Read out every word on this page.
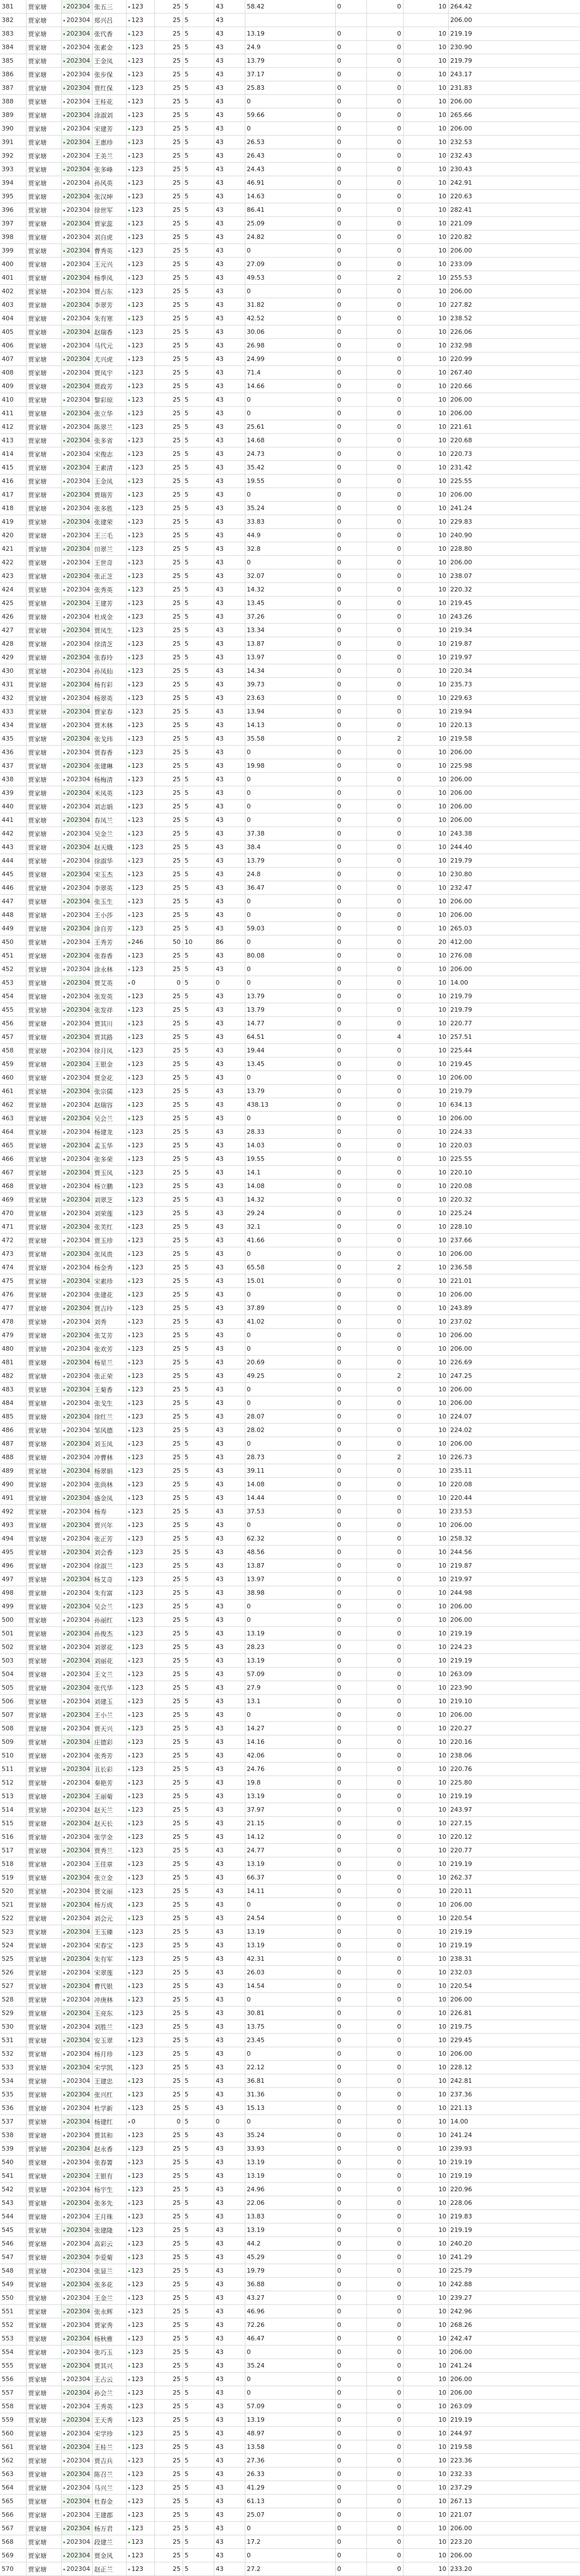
381	贾家塘	202304	张五三	123	25	5	43	58.42	0	0	10	264.42
382	贾家塘	202304	郑兴吕	123	25	5	43					206.00
383	贾家塘	202304	张代香	123	25	5	43	13.19	0	0	10	219.19
384	贾家塘	202304	张素金	123	25	5	43	24.9	0	0	10	230.90
385	贾家塘	202304	王金凤	123	25	5	43	13.79	0	0	10	219.79
386	贾家塘	202304	张步保	123	25	5	43	37.17	0	0	10	243.17
387	贾家塘	202304	贾红保	123	25	5	43	25.83	0	0	10	231.83
388	贾家塘	202304	王桂花	123	25	5	43	0	0	0	10	206.00
389	贾家塘	202304	涂淑刘	123	25	5	43	59.66	0	0	10	265.66
390	贾家塘	202304	宋建芳	123	25	5	43	0	0	0	10	206.00
391	贾家塘	202304	王惠珍	123	25	5	43	26.53	0	0	10	232.53
392	贾家塘	202304	王美兰	123	25	5	43	26.43	0	0	10	232.43
393	贾家塘	202304	张多峰	123	25	5	43	24.43	0	0	10	230.43
394	贾家塘	202304	孙风英	123	25	5	43	46.91	0	0	10	242.91
395	贾家塘	202304	张汉坤	123	25	5	43	14.63	0	0	10	220.63
396	贾家塘	202304	徐世军	123	25	5	43	86.41	0	0	10	282.41
397	贾家塘	202304	贾家蕊	123	25	5	43	25.09	0	0	10	221.09
398	贾家塘	202304	刘自虎	123	25	5	43	24.82	0	0	10	220.82
399	贾家塘	202304	曹秀英	123	25	5	43	0	0	0	10	206.00
400	贾家塘	202304	王元兴	123	25	5	43	27.09	0	0	10	233.09
401	贾家塘	202304	杨季凤	123	25	5	43	49.53	0	2	10	255.53
402	贾家塘	202304	贾占东	123	25	5	43	0	0	0	10	206.00
403	贾家塘	202304	李翠芳	123	25	5	43	31.82	0	0	10	227.82
404	贾家塘	202304	朱有寒	123	25	5	43	42.52	0	0	10	238.52
405	贾家塘	202304	赵瑞香	123	25	5	43	30.06	0	0	10	226.06
406	贾家塘	202304	马代元	123	25	5	43	26.98	0	0	10	232.98
407	贾家塘	202304	尤兴虎	123	25	5	43	24.99	0	0	10	220.99
408	贾家塘	202304	贾凤宇	123	25	5	43	71.4	0	0	10	267.40
409	贾家塘	202304	贾政芳	123	25	5	43	14.66	0	0	10	220.66
410	贾家塘	202304	黎彩琼	123	25	5	43	0	0	0	10	206.00
411	贾家塘	202304	张立华	123	25	5	43	0	0	0	10	206.00
412	贾家塘	202304	陈翠兰	123	25	5	43	25.61	0	0	10	221.61
413	贾家塘	202304	张多省	123	25	5	43	14.68	0	0	10	220.68
414	贾家塘	202304	宋俊志	123	25	5	43	24.73	0	0	10	220.73
415	贾家塘	202304	王素清	123	25	5	43	35.42	0	0	10	231.42
416	贾家塘	202304	王金凤	123	25	5	43	19.55	0	0	10	225.55
417	贾家塘	202304	贾瑞芳	123	25	5	43	0	0	0	10	206.00
418	贾家塘	202304	张多胜	123	25	5	43	35.24	0	0	10	241.24
419	贾家塘	202304	张建荣	123	25	5	43	33.83	0	0	10	229.83
420	贾家塘	202304	王三毛	123	25	5	43	44.9	0	0	10	240.90
421	贾家塘	202304	田翠兰	123	25	5	43	32.8	0	0	10	228.80
422	贾家塘	202304	王世奇	123	25	5	43	0	0	0	10	206.00
423	贾家塘	202304	张正芝	123	25	5	43	32.07	0	0	10	238.07
424	贾家塘	202304	张秀英	123	25	5	43	14.32	0	0	10	220.32
425	贾家塘	202304	王建芳	123	25	5	43	13.45	0	0	10	219.45
426	贾家塘	202304	杜成金	123	25	5	43	37.26	0	0	10	243.26
427	贾家塘	202304	贾凤生	123	25	5	43	13.34	0	0	10	219.34
428	贾家塘	202304	徐清芝	123	25	5	43	13.87	0	0	10	219.87
429	贾家塘	202304	张春玲	123	25	5	43	13.97	0	0	10	219.97
430	贾家塘	202304	孙凤仙	123	25	5	43	14.34	0	0	10	220.34
431	贾家塘	202304	杨有彩	123	25	5	43	39.73	0	0	10	235.73
432	贾家塘	202304	杨翠英	123	25	5	43	23.63	0	0	10	229.63
433	贾家塘	202304	贾家春	123	25	5	43	13.94	0	0	10	219.94
434	贾家塘	202304	贾木林	123	25	5	43	14.13	0	0	10	220.13
435	贾家塘	202304	张戈玮	123	25	5	43	35.58	0	2	10	219.58
436	贾家塘	202304	贾春香	123	25	5	43	0	0	0	10	206.00
437	贾家塘	202304	张建琳	123	25	5	43	19.98	0	0	10	225.98
438	贾家塘	202304	杨梅清	123	25	5	43	0	0	0	10	206.00
439	贾家塘	202304	米凤英	123	25	5	43	0	0	0	10	206.00
440	贾家塘	202304	刘志娟	123	25	5	43	0	0	0	10	206.00
441	贾家塘	202304	春凤兰	123	25	5	43	0	0	0	10	206.00
442	贾家塘	202304	吴金兰	123	25	5	43	37.38	0	0	10	243.38
443	贾家塘	202304	赵天娥	123	25	5	43	38.4	0	0	10	244.40
444	贾家塘	202304	徐淑华	123	25	5	43	13.79	0	0	10	219.79
445	贾家塘	202304	宋玉杰	123	25	5	43	24.8	0	0	10	230.80
446	贾家塘	202304	李翠英	123	25	5	43	36.47	0	0	10	232.47
447	贾家塘	202304	张玉生	123	25	5	43	0	0	0	10	206.00
448	贾家塘	202304	王小莎	123	25	5	43	0	0	0	10	206.00
449	贾家塘	202304	涂自芳	123	25	5	43	59.03	0	0	10	265.03
450	贾家塘	202304	王秀芳	246	50	10	86	0	0	0	20	412.00
451	贾家塘	202304	张春香	123	25	5	43	80.08	0	0	10	276.08
452	贾家塘	202304	涂永林	123	25	5	43	0	0	0	10	206.00
453	贾家塘	202304	贾艾英	0	0	5	0	0	0	0	10	14.00
454	贾家塘	202304	张发英	123	25	5	43	13.79	0	0	10	219.79
455	贾家塘	202304	张发祥	123	25	5	43	13.79	0	0	10	219.79
456	贾家塘	202304	贾其川	123	25	5	43	14.77	0	0	10	220.77
457	贾家塘	202304	贾其路	123	25	5	43	64.51	0	4	10	257.51
458	贾家塘	202304	徐月凤	123	25	5	43	19.44	0	0	10	225.44
459	贾家塘	202304	王银金	123	25	5	43	13.45	0	0	10	219.45
460	贾家塘	202304	贾金花	123	25	5	43	0	0	0	10	206.00
461	贾家塘	202304	张宗儒	123	25	5	43	13.79	0	0	10	219.79
462	贾家塘	202304	赵瑞容	123	25	5	43	438.13	0	0	10	634.13
463	贾家塘	202304	吴会兰	123	25	5	43	0	0	0	10	206.00
464	贾家塘	202304	杨建龙	123	25	5	43	28.33	0	0	10	224.33
465	贾家塘	202304	孟玉华	123	25	5	43	14.03	0	0	10	220.03
466	贾家塘	202304	张多荣	123	25	5	43	19.55	0	0	10	225.55
467	贾家塘	202304	贾玉凤	123	25	5	43	14.1	0	0	10	220.10
468	贾家塘	202304	杨立鹏	123	25	5	43	14.08	0	0	10	220.08
469	贾家塘	202304	刘翠芝	123	25	5	43	14.32	0	0	10	220.32
470	贾家塘	202304	刘荣莲	123	25	5	43	29.24	0	0	10	225.24
471	贾家塘	202304	张芙红	123	25	5	43	32.1	0	0	10	228.10
472	贾家塘	202304	贾玉珍	123	25	5	43	41.66	0	0	10	237.66
473	贾家塘	202304	张凤贵	123	25	5	43	0	0	0	10	206.00
474	贾家塘	202304	杨金秀	123	25	5	43	65.58	0	2	10	236.58
475	贾家塘	202304	宋素珍	123	25	5	43	15.01	0	0	10	221.01
476	贾家塘	202304	张建花	123	25	5	43	0	0	0	10	206.00
477	贾家塘	202304	贾吉玲	123	25	5	43	37.89	0	0	10	243.89
478	贾家塘	202304	刘秀	123	25	5	43	41.02	0	0	10	237.02
479	贾家塘	202304	张艾芳	123	25	5	43	0	0	0	10	206.00
480	贾家塘	202304	张欢芳	123	25	5	43	0	0	0	10	206.00
481	贾家塘	202304	杨星兰	123	25	5	43	20.69	0	0	10	226.69
482	贾家塘	202304	张正荣	123	25	5	43	49.25	0	2	10	247.25
483	贾家塘	202304	王菊香	123	25	5	43	0	0	0	10	206.00
484	贾家塘	202304	张戈生	123	25	5	43	0	0	0	10	206.00
485	贾家塘	202304	徐红兰	123	25	5	43	28.07	0	0	10	224.07
486	贾家塘	202304	邹风德	123	25	5	43	28.02	0	0	10	224.02
487	贾家塘	202304	刘玉凤	123	25	5	43	0	0	0	10	206.00
488	贾家塘	202304	冲曹林	123	25	5	43	28.73	0	2	10	226.73
489	贾家塘	202304	杨翠娟	123	25	5	43	39.11	0	0	10	235.11
490	贾家塘	202304	张尚林	123	25	5	43	14.08	0	0	10	220.08
491	贾家塘	202304	盛金凤	123	25	5	43	14.44	0	0	10	220.44
492	贾家塘	202304	杨寿	123	25	5	43	37.53	0	0	10	233.53
493	贾家塘	202304	贾兴年	123	25	5	43	0	0	0	10	206.00
494	贾家塘	202304	张正芳	123	25	5	43	62.32	0	0	10	258.32
495	贾家塘	202304	刘会香	123	25	5	43	48.56	0	0	10	244.56
496	贾家塘	202304	徐淑兰	123	25	5	43	13.87	0	0	10	219.87
497	贾家塘	202304	杨艾奇	123	25	5	43	13.97	0	0	10	219.97
498	贾家塘	202304	朱有富	123	25	5	43	38.98	0	0	10	244.98
499	贾家塘	202304	吴会兰	123	25	5	43	0	0	0	10	206.00
500	贾家塘	202304	孙丽红	123	25	5	43	0	0	0	10	206.00
501	贾家塘	202304	孙俊杰	123	25	5	43	13.19	0	0	10	219.19
502	贾家塘	202304	刘翠花	123	25	5	43	28.23	0	0	10	224.23
503	贾家塘	202304	刘丽花	123	25	5	43	13.19	0	0	10	219.19
504	贾家塘	202304	王文兰	123	25	5	43	57.09	0	0	10	263.09
505	贾家塘	202304	张代华	123	25	5	43	27.9	0	0	10	223.90
506	贾家塘	202304	刘建玉	123	25	5	43	13.1	0	0	10	219.10
507	贾家塘	202304	王小兰	123	25	5	43	0	0	0	10	206.00
508	贾家塘	202304	贾天兴	123	25	5	43	14.27	0	0	10	220.27
509	贾家塘	202304	庄德彩	123	25	5	43	14.16	0	0	10	220.16
510	贾家塘	202304	张秀芳	123	25	5	43	42.06	0	0	10	238.06
511	贾家塘	202304	丑长彩	123	25	5	43	24.76	0	0	10	220.76
512	贾家塘	202304	秦艳芳	123	25	5	43	19.8	0	0	10	225.80
513	贾家塘	202304	王丽菊	123	25	5	43	13.19	0	0	10	219.19
514	贾家塘	202304	赵天兰	123	25	5	43	37.97	0	0	10	243.97
515	贾家塘	202304	赵天长	123	25	5	43	21.15	0	0	10	227.15
516	贾家塘	202304	张学金	123	25	5	43	14.12	0	0	10	220.12
517	贾家塘	202304	贾秀兰	123	25	5	43	24.77	0	0	10	220.77
518	贾家塘	202304	王佳章	123	25	5	43	13.19	0	0	10	219.19
519	贾家塘	202304	张立金	123	25	5	43	66.37	0	0	10	262.37
520	贾家塘	202304	贾文丽	123	25	5	43	14.11	0	0	10	220.11
521	贾家塘	202304	杨万成	123	25	5	43	0	0	0	10	206.00
522	贾家塘	202304	刘会元	123	25	5	43	24.54	0	0	10	220.54
523	贾家塘	202304	王玉臻	123	25	5	43	13.19	0	0	10	219.19
524	贾家塘	202304	宋春宝	123	25	5	43	13.19	0	0	10	219.19
525	贾家塘	202304	朱有军	123	25	5	43	42.31	0	0	10	238.31
526	贾家塘	202304	宋翠莲	123	25	5	43	26.03	0	0	10	232.03
527	贾家塘	202304	曹代银	123	25	5	43	14.54	0	0	10	220.54
528	贾家塘	202304	冲庚林	123	25	5	43	0	0	0	10	206.00
529	贾家塘	202304	王亮东	123	25	5	43	30.81	0	0	10	226.81
530	贾家塘	202304	刘胜兰	123	25	5	43	13.75	0	0	10	219.75
531	贾家塘	202304	安玉翠	123	25	5	43	23.45	0	0	10	229.45
532	贾家塘	202304	杨月珍	123	25	5	43	0	0	0	10	206.00
533	贾家塘	202304	宋学凯	123	25	5	43	22.12	0	0	10	228.12
534	贾家塘	202304	王建忠	123	25	5	43	36.81	0	0	10	242.81
535	贾家塘	202304	张兴红	123	25	5	43	31.36	0	0	10	237.36
536	贾家塘	202304	杜学新	123	25	5	43	15.13	0	0	10	221.13
537	贾家塘	202304	杨建红	0	0	5	0	0	0	0	10	14.00
538	贾家塘	202304	贾其和	123	25	5	43	35.24	0	0	10	241.24
539	贾家塘	202304	赵永香	123	25	5	43	33.93	0	0	10	239.93
540	贾家塘	202304	张春箐	123	25	5	43	13.19	0	0	10	219.19
541	贾家塘	202304	王银有	123	25	5	43	13.19	0	0	10	219.19
542	贾家塘	202304	杨宇生	123	25	5	43	24.96	0	0	10	220.96
543	贾家塘	202304	张多先	123	25	5	43	22.06	0	0	10	228.06
544	贾家塘	202304	王月珠	123	25	5	43	13.83	0	0	10	219.83
545	贾家塘	202304	张建隆	123	25	5	43	13.19	0	0	10	219.19
546	贾家塘	202304	高彩云	123	25	5	43	44.2	0	0	10	240.20
547	贾家塘	202304	李爱菊	123	25	5	43	45.29	0	0	10	241.29
548	贾家塘	202304	张显兰	123	25	5	43	19.79	0	0	10	225.79
549	贾家塘	202304	张多花	123	25	5	43	36.88	0	0	10	242.88
550	贾家塘	202304	王金兰	123	25	5	43	43.27	0	0	10	239.27
551	贾家塘	202304	张永辉	123	25	5	43	46.96	0	0	10	242.96
552	贾家塘	202304	贾家秀	123	25	5	43	72.26	0	0	10	268.26
553	贾家塘	202304	杨秋雅	123	25	5	43	46.47	0	0	10	242.47
554	贾家塘	202304	张巧玉	123	25	5	43	0	0	0	10	206.00
555	贾家塘	202304	贾其兴	123	25	5	43	35.24	0	0	10	241.24
556	贾家塘	202304	王占云	123	25	5	43	0	0	0	10	206.00
557	贾家塘	202304	孙会兰	123	25	5	43	0	0	0	10	206.00
558	贾家塘	202304	王秀英	123	25	5	43	57.09	0	0	10	263.09
559	贾家塘	202304	王天秀	123	25	5	43	13.19	0	0	10	219.19
560	贾家塘	202304	宋学珍	123	25	5	43	48.97	0	0	10	244.97
561	贾家塘	202304	王桂兰	123	25	5	43	13.58	0	0	10	219.58
562	贾家塘	202304	贾吉兵	123	25	5	43	27.36	0	0	10	223.36
563	贾家塘	202304	陈召兰	123	25	5	43	26.33	0	0	10	232.33
564	贾家塘	202304	马兴兰	123	25	5	43	41.29	0	0	10	237.29
565	贾家塘	202304	杜春金	123	25	5	43	61.13	0	0	10	267.13
566	贾家塘	202304	王建郡	123	25	5	43	25.07	0	0	10	221.07
567	贾家塘	202304	杨万君	123	25	5	43	0	0	0	10	206.00
568	贾家塘	202304	段建兰	123	25	5	43	17.2	0	0	10	223.20
569	贾家塘	202304	贾金风	123	25	5	43	0	0	0	10	206.00
570	贾家塘	202304	赵正兰	123	25	5	43	27.2	0	0	10	233.20
